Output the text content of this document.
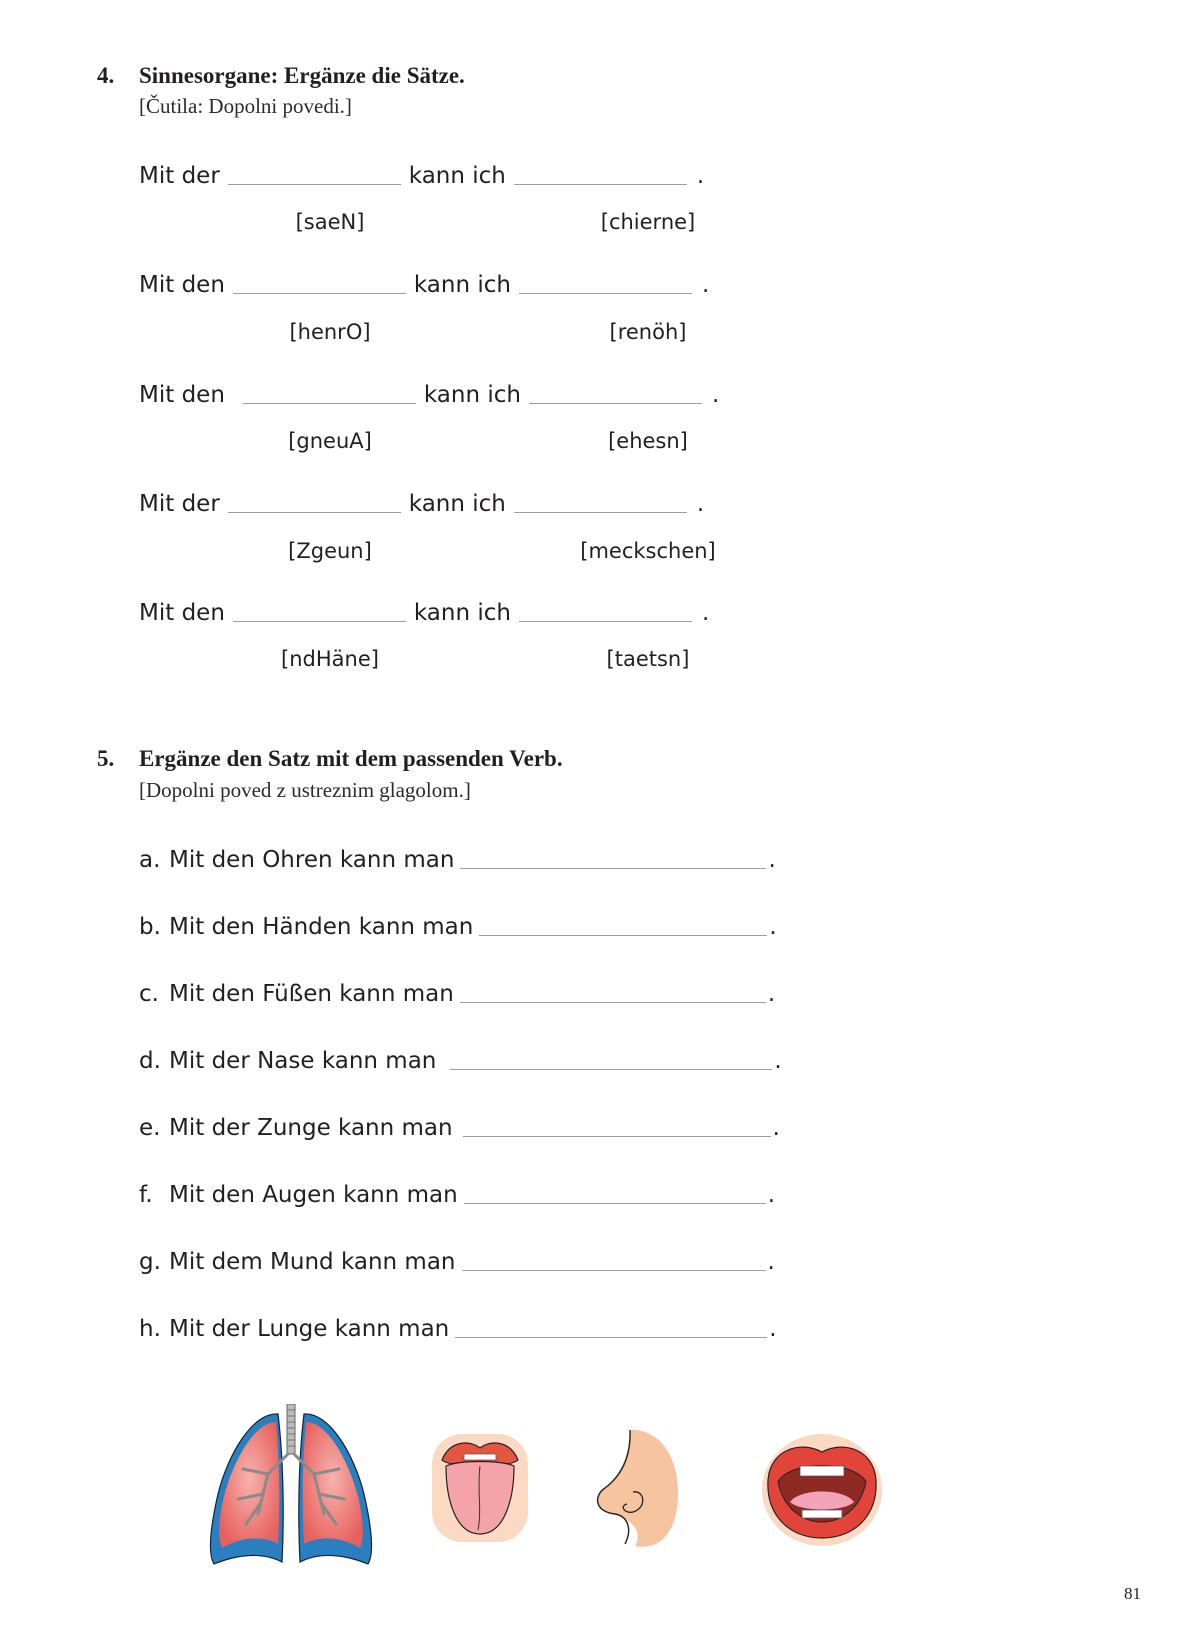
4. Sinnesorgane: Ergänze die Sätze.
[Čutila: Dopolni povedi.]
Mit der	kann ich	.
[saeN]	[chierne]
Mit den	kann ich	.
[henrO]	[renöh]
Mit den	kann ich	.
[gneuA]	[ehesn]
Mit der	kann ich	.
[Zgeun]	[meckschen]
Mit den	kann ich	.
[ndHäne]	[taetsn]
5. Ergänze den Satz mit dem passenden Verb.
[Dopolni poved z ustreznim glagolom.]
a. Mit den Ohren kann man	.
b. Mit den Händen kann man	.
c. Mit den Füßen kann man	.
d. Mit der Nase kann man	.
e. Mit der Zunge kann man	.
f. Mit den Augen kann man	.
g. Mit dem Mund kann man	.
h. Mit der Lunge kann man	.
81
